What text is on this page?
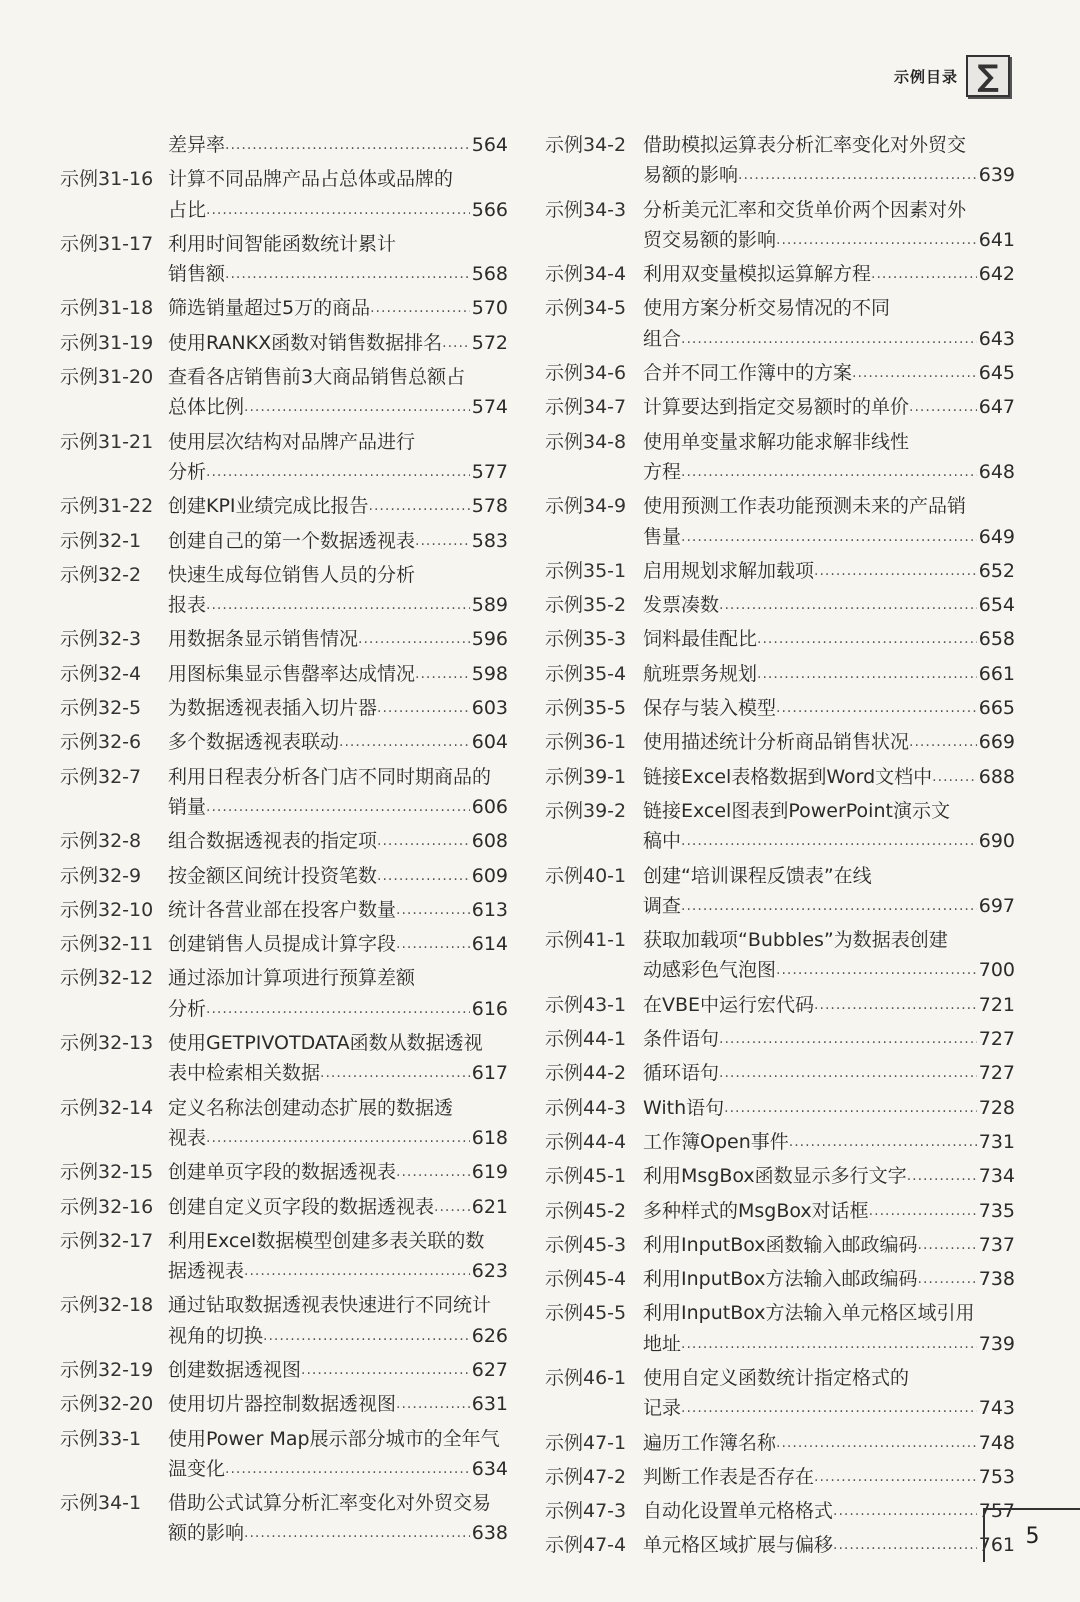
示例目录 ∑
差异率 ·····	564
示例31-16 计算不同品牌产品占总体或品牌的
占比 ·····	566
示例31-17 利用时间智能函数统计累计
销售额 ·····	568
示例31-18 筛选销量超过5万的商品 ·····	570
示例31-19 使用RANKX函数对销售数据排名 ····· 572
示例31-20 查看各店销售前3大商品销售总额占
总体比例 ·····	574
示例31-21 使用层次结构对品牌产品进行
分析 ·····	577
示例31-22 创建KPI业绩完成比报告 ·····	578
示例32-1	创建自己的第一个数据透视表 ·····	583
示例32-2	快速生成每位销售人员的分析
报表 ·····	589
示例32-3	用数据条显示销售情况 ·····	596
示例32-4	用图标集显示售罄率达成情况 ·····	598
示例32-5	为数据透视表插入切片器 ·····	603
示例32-6	多个数据透视表联动 ·····	604
示例32-7	利用日程表分析各门店不同时期商品的
销量 ·····	606
示例32-8	组合数据透视表的指定项 ·····	608
示例32-9	按金额区间统计投资笔数 ·····	609
示例32-10 统计各营业部在投客户数量 ·····	613
示例32-11 创建销售人员提成计算字段 ·····	614
示例32-12 通过添加计算项进行预算差额
分析 ·····	616
示例32-13 使用GETPIVOTDATA函数从数据透视
表中检索相关数据 ·····	617
示例32-14 定义名称法创建动态扩展的数据透
视表 ·····	618
示例32-15 创建单页字段的数据透视表 ·····	619
示例32-16 创建自定义页字段的数据透视表 ····· 621
示例32-17 利用Excel数据模型创建多表关联的数
据透视表 ·····	623
示例32-18 通过钻取数据透视表快速进行不同统计
视角的切换 ·····	626
示例32-19 创建数据透视图 ·····	627
示例32-20 使用切片器控制数据透视图 ·····	631
示例33-1	使用Power Map展示部分城市的全年气
温变化 ·····	634
示例34-1	借助公式试算分析汇率变化对外贸交易
额的影响 ·····	638
示例34-2 借助模拟运算表分析汇率变化对外贸交
易额的影响 ·····	639
示例34-3 分析美元汇率和交货单价两个因素对外
贸交易额的影响 ·····	641
示例34-4 利用双变量模拟运算解方程 ·····	642
示例34-5 使用方案分析交易情况的不同
组合 ·····	643
示例34-6 合并不同工作簿中的方案 ·····	645
示例34-7 计算要达到指定交易额时的单价 ·····	647
示例34-8 使用单变量求解功能求解非线性
方程 ·····	648
示例34-9 使用预测工作表功能预测未来的产品销
售量 ·····	649
示例35-1 启用规划求解加载项 ·····	652
示例35-2 发票凑数 ·····	654
示例35-3 饲料最佳配比 ·····	658
示例35-4 航班票务规划 ·····	661
示例35-5 保存与装入模型 ·····	665
示例36-1 使用描述统计分析商品销售状况 ·····	669
示例39-1 链接Excel表格数据到Word文档中 ····· 688
示例39-2 链接Excel图表到PowerPoint演示文
稿中 ·····	690
示例40-1 创建“培训课程反馈表”在线
调查 ·····	697
示例41-1 获取加载项“Bubbles”为数据表创建
动感彩色气泡图 ·····	700
示例43-1 在VBE中运行宏代码 ·····	721
示例44-1 条件语句 ·····	727
示例44-2 循环语句 ·····	727
示例44-3 With语句 ·····	728
示例44-4 工作簿Open事件 ·····	731
示例45-1 利用MsgBox函数显示多行文字 ·····	734
示例45-2 多种样式的MsgBox对话框 ·····	735
示例45-3 利用InputBox函数输入邮政编码 ·····	737
示例45-4 利用InputBox方法输入邮政编码 ·····	738
示例45-5 利用InputBox方法输入单元格区域引用
地址 ·····	739
示例46-1 使用自定义函数统计指定格式的
记录 ·····	743
示例47-1 遍历工作簿名称 ·····	748
示例47-2 判断工作表是否存在 ·····	753
示例47-3 自动化设置单元格格式 ·····	757
示例47-4 单元格区域扩展与偏移 ·····	761 5
